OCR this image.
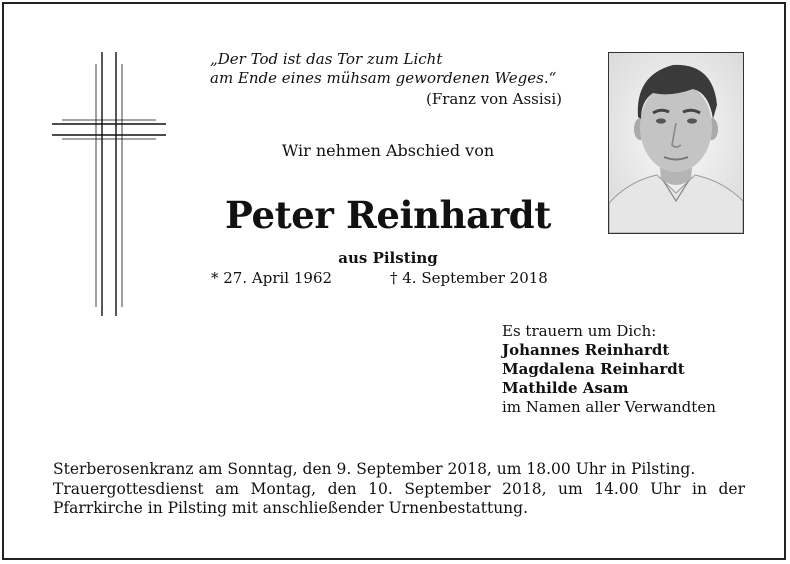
„Der Tod ist das Tor zum Licht
am Ende eines mühsam gewordenen Weges.“
(Franz von Assisi)
Wir nehmen Abschied von
Peter Reinhardt
aus Pilsting
* 27. April 1962	† 4. September 2018
Es trauern um Dich:
Johannes Reinhardt
Magdalena Reinhardt
Mathilde Asam
im Namen aller Verwandten
Sterberosenkranz am Sonntag, den 9. September 2018, um 18.00 Uhr in Pilsting.
Trauergottesdienst am Montag, den 10. September 2018, um 14.00 Uhr in der Pfarrkirche in Pilsting mit anschließender Urnenbestattung.
